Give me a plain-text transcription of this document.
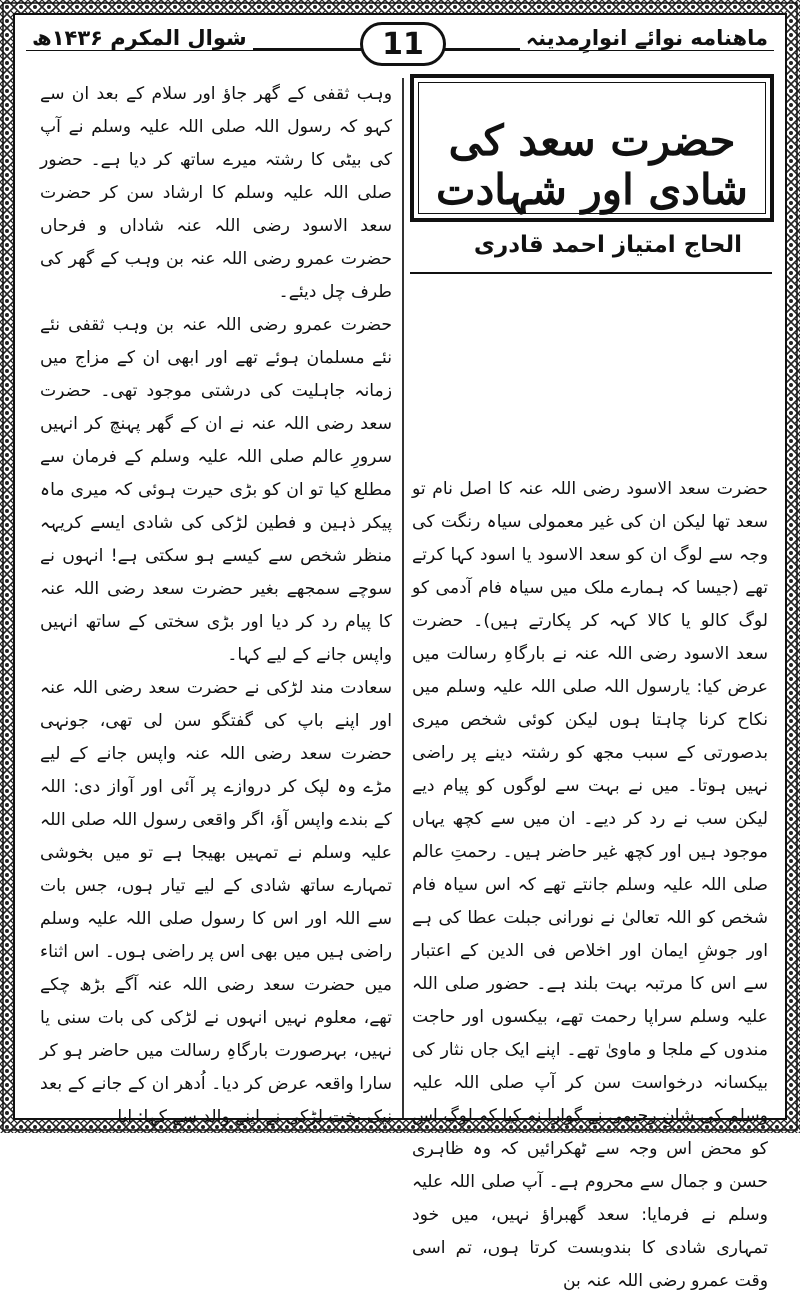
ماهنامه نوائے انوارِمدینہ
11
شوال المکرم ۱۴۳۶ھ
حضرت سعد کی شادی اور شہادت
الحاج امتیاز احمد قادری

حضرت سعد الاسود رضی اللہ عنہ کا اصل نام تو سعد تھا لیکن ان کی غیر معمولی سیاہ رنگت کی وجہ سے لوگ ان کو سعد الاسود یا اسود کہا کرتے تھے (جیسا کہ ہمارے ملک میں سیاہ فام آدمی کو لوگ کالو یا کالا کہہ کر پکارتے ہیں)۔ حضرت سعد الاسود رضی اللہ عنہ نے بارگاہِ رسالت میں عرض کیا: یارسول اللہ صلی اللہ علیہ وسلم میں نکاح کرنا چاہتا ہوں لیکن کوئی شخص میری بدصورتی کے سبب مجھ کو رشتہ دینے پر راضی نہیں ہوتا۔ میں نے بہت سے لوگوں کو پیام دیے لیکن سب نے رد کر دیے۔ ان میں سے کچھ یہاں موجود ہیں اور کچھ غیر حاضر ہیں۔ رحمتِ عالم صلی اللہ علیہ وسلم جانتے تھے کہ اس سیاہ فام شخص کو اللہ تعالیٰ نے نورانی جبلت عطا کی ہے اور جوشِ ایمان اور اخلاص فی الدین کے اعتبار سے اس کا مرتبہ بہت بلند ہے۔ حضور صلی اللہ علیہ وسلم سراپا رحمت تھے، بیکسوں اور حاجت مندوں کے ملجا و ماویٰ تھے۔ اپنے ایک جاں نثار کی بیکسانہ درخواست سن کر آپ صلی اللہ علیہ وسلم کی شانِ رحیمی نے گوارا نہ کیا کہ لوگ اس کو محض اس وجہ سے ٹھکرائیں کہ وہ ظاہری حسن و جمال سے محروم ہے۔ آپ صلی اللہ علیہ وسلم نے فرمایا: سعد گھبراؤ نہیں، میں خود تمہاری شادی کا بندوبست کرتا ہوں، تم اسی وقت عمرو رضی اللہ عنہ بن

وہب ثقفی کے گھر جاؤ اور سلام کے بعد ان سے کہو کہ رسول اللہ صلی اللہ علیہ وسلم نے آپ کی بیٹی کا رشتہ میرے ساتھ کر دیا ہے۔ حضور صلی اللہ علیہ وسلم کا ارشاد سن کر حضرت سعد الاسود رضی اللہ عنہ شاداں و فرحاں حضرت عمرو رضی اللہ عنہ بن وہب کے گھر کی طرف چل دیئے۔

حضرت عمرو رضی اللہ عنہ بن وہب ثقفی نئے نئے مسلمان ہوئے تھے اور ابھی ان کے مزاج میں زمانہ جاہلیت کی درشتی موجود تھی۔ حضرت سعد رضی اللہ عنہ نے ان کے گھر پہنچ کر انہیں سرورِ عالم صلی اللہ علیہ وسلم کے فرمان سے مطلع کیا تو ان کو بڑی حیرت ہوئی کہ میری ماہ پیکر ذہین و فطین لڑکی کی شادی ایسے کریہہ منظر شخص سے کیسے ہو سکتی ہے! انہوں نے سوچے سمجھے بغیر حضرت سعد رضی اللہ عنہ کا پیام رد کر دیا اور بڑی سختی کے ساتھ انہیں واپس جانے کے لیے کہا۔

سعادت مند لڑکی نے حضرت سعد رضی اللہ عنہ اور اپنے باپ کی گفتگو سن لی تھی، جونہی حضرت سعد رضی اللہ عنہ واپس جانے کے لیے مڑے وہ لپک کر دروازے پر آئی اور آواز دی: اللہ کے بندے واپس آؤ، اگر واقعی رسول اللہ صلی اللہ علیہ وسلم نے تمہیں بھیجا ہے تو میں بخوشی تمہارے ساتھ شادی کے لیے تیار ہوں، جس بات سے اللہ اور اس کا رسول صلی اللہ علیہ وسلم راضی ہیں میں بھی اس پر راضی ہوں۔ اس اثناء میں حضرت سعد رضی اللہ عنہ آگے بڑھ چکے تھے، معلوم نہیں انہوں نے لڑکی کی بات سنی یا نہیں، بہرصورت بارگاہِ رسالت میں حاضر ہو کر سارا واقعہ عرض کر دیا۔ اُدھر ان کے جانے کے بعد نیک بخت لڑکی نے اپنے والد سے کہا: ابا
